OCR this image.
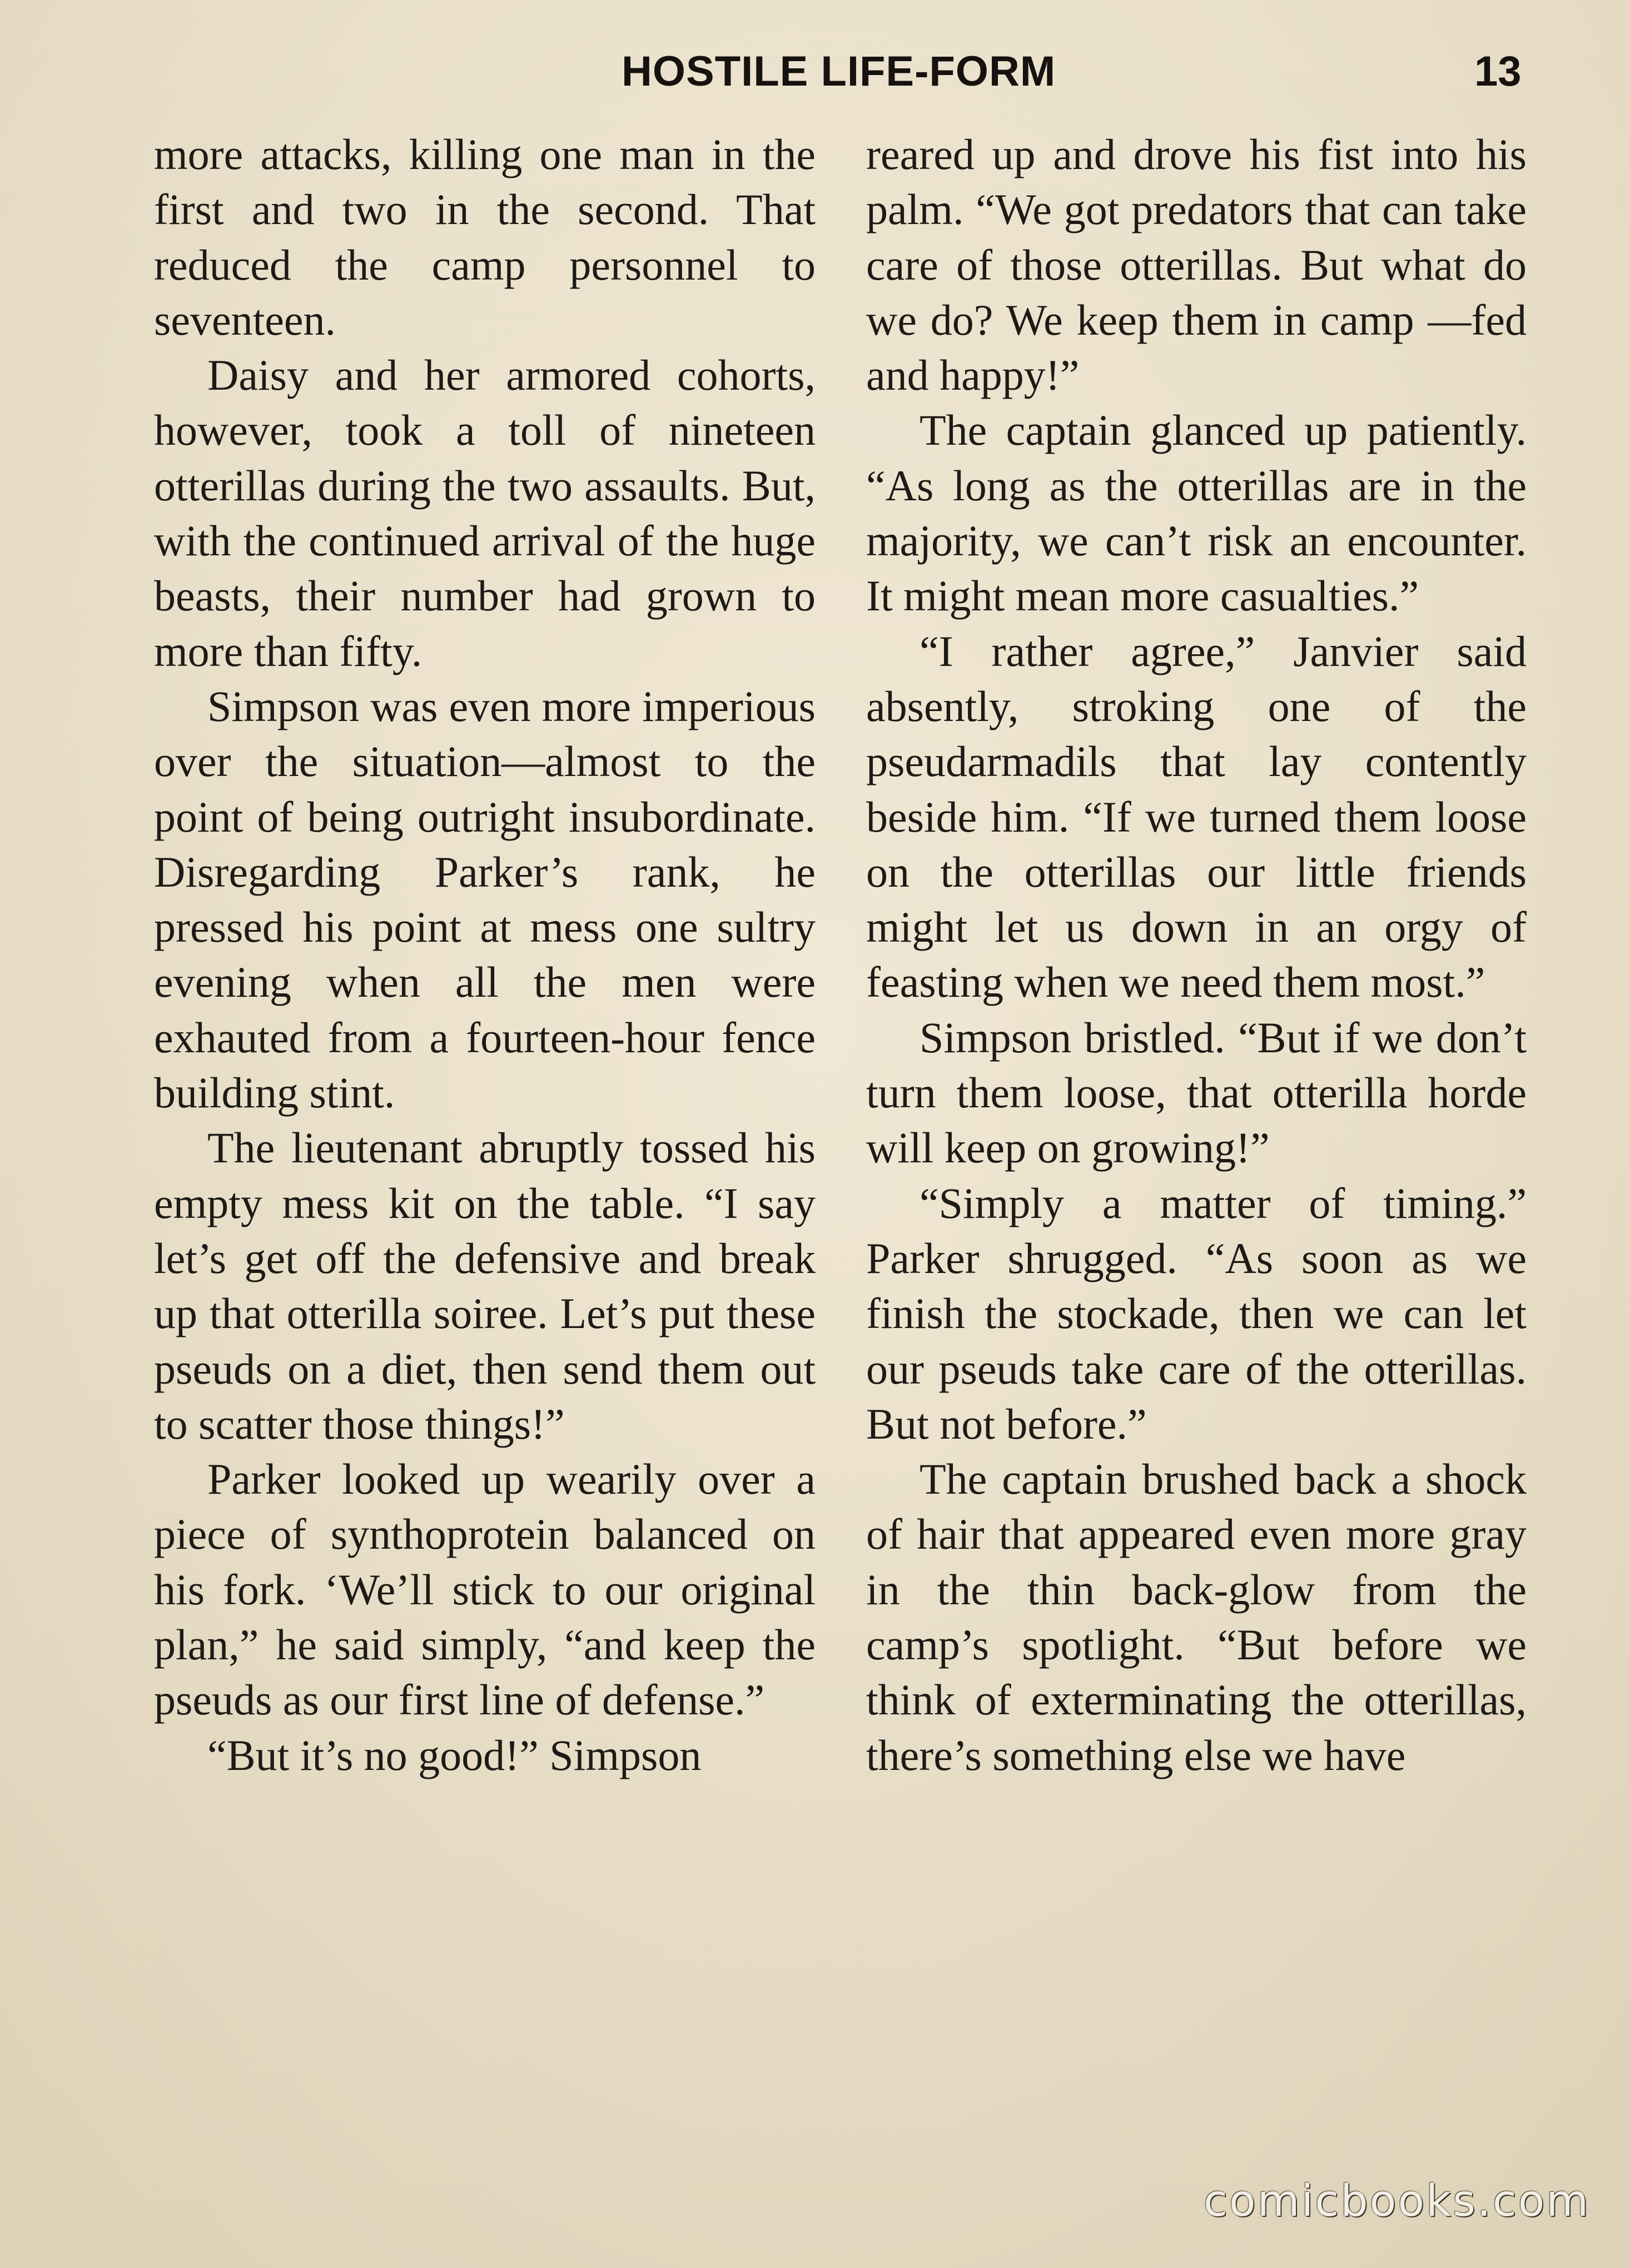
HOSTILE LIFE-FORM	13

more attacks, killing one man in the first and two in the second. That reduced the camp personnel to seventeen.

Daisy and her armored cohorts, however, took a toll of nineteen otterillas during the two assaults. But, with the continued arrival of the huge beasts, their number had grown to more than fifty.

Simpson was even more imperious over the situation—almost to the point of being outright insubordinate. Disregarding Parker’s rank, he pressed his point at mess one sultry evening when all the men were exhauted from a fourteen-hour fence building stint.

The lieutenant abruptly tossed his empty mess kit on the table. “I say let’s get off the defensive and break up that otterilla soiree. Let’s put these pseuds on a diet, then send them out to scatter those things!”

Parker looked up wearily over a piece of synthoprotein balanced on his fork. ‘We’ll stick to our original plan,” he said simply, “and keep the pseuds as our first line of defense.”

“But it’s no good!” Simpson

reared up and drove his fist into his palm. “We got predators that can take care of those otterillas. But what do we do? We keep them in camp —fed and happy!”

The captain glanced up patiently. “As long as the otterillas are in the majority, we can’t risk an encounter. It might mean more casualties.”

“I rather agree,” Janvier said absently, stroking one of the pseudarmadils that lay contently beside him. “If we turned them loose on the otterillas our little friends might let us down in an orgy of feasting when we need them most.”

Simpson bristled. “But if we don’t turn them loose, that otterilla horde will keep on growing!”

“Simply a matter of timing.” Parker shrugged. “As soon as we finish the stockade, then we can let our pseuds take care of the otterillas. But not before.”

The captain brushed back a shock of hair that appeared even more gray in the thin back-glow from the camp’s spotlight. “But before we think of exterminating the otterillas, there’s something else we have

comicbooks.com
